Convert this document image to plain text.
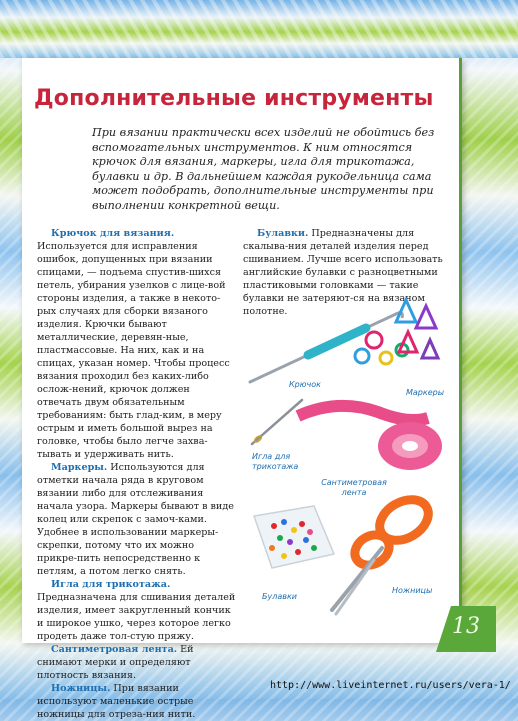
Дополнительные инструменты
При вязании практически всех изделий не обойтись без вспомогательных инструментов. К ним относятся крючок для вязания, маркеры, игла для трикотажа, булавки и др. В дальнейшем каждая рукодельница сама может подобрать, дополнительные инструменты при выполнении конкретной вещи.

Крючок для вязания. Используется для исправления ошибок, допущенных при вязании спицами, — подъема спустив-шихся петель, убирания узелков с лице-вой стороны изделия, а также в некото-рых случаях для сборки вязаного изделия. Крючки бывают металлические, деревян-ные, пластмассовые. На них, как и на спицах, указан номер. Чтобы процесс вязания проходил без каких-либо ослож-нений, крючок должен отвечать двум обязательным требованиям: быть глад-ким, в меру острым и иметь большой вырез на головке, чтобы было легче захва-тывать и удерживать нить.

Маркеры. Используются для отметки начала ряда в круговом вязании либо для отслеживания начала узора. Маркеры бывают в виде колец или скрепок с замоч-ками. Удобнее в использовании маркеры-скрепки, потому что их можно прикре-пить непосредственно к петлям, а потом легко снять.

Игла для трикотажа. Предназначена для сшивания деталей изделия, имеет закругленный кончик и широкое ушко, через которое легко продеть даже тол-стую пряжу.

Сантиметровая лента. Ей снимают мерки и определяют плотность вязания.

Ножницы. При вязании используют маленькие острые ножницы для отреза-ния нити.

Булавки. Предназначены для скалыва-ния деталей изделия перед сшиванием. Лучше всего использовать английские булавки с разноцветными пластиковыми головками — такие булавки не затеряют-ся на вязаном полотне.

Крючок
Маркеры
Игла для трикотажа
Сантиметровая лента
Булавки
Ножницы
13
http://www.liveinternet.ru/users/vera-1/
